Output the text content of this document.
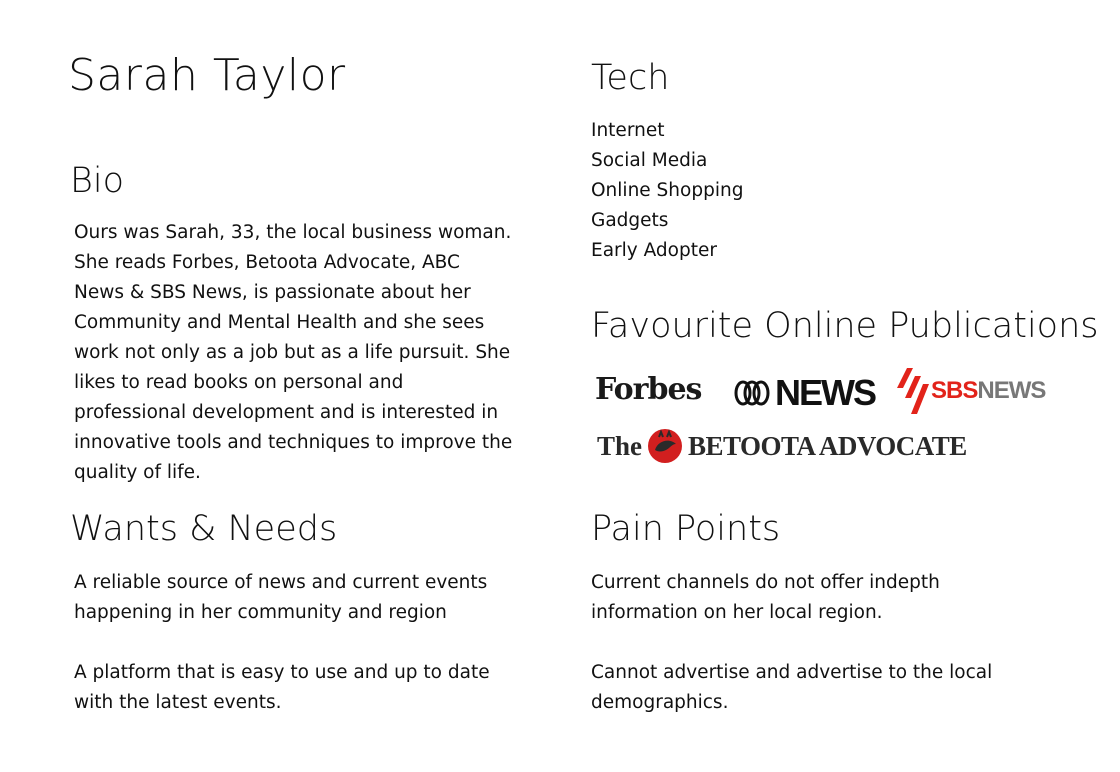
Sarah Taylor
Bio

Ours was Sarah, 33, the local business woman. She reads Forbes, Betoota Advocate, ABC News & SBS News, is passionate about her Community and Mental Health and she sees work not only as a job but as a life pursuit. She likes to read books on personal and professional development and is interested in innovative tools and techniques to improve the quality of life.

Tech
Internet
Social Media
Online Shopping
Gadgets
Early Adopter
Favourite Online Publications
Forbes NEWS SBS NEWS
The BETOOTA ADVOCATE
Wants & Needs

A reliable source of news and current events happening in her community and region

A platform that is easy to use and up to date with the latest events.

Pain Points

Current channels do not offer indepth information on her local region.

Cannot advertise and advertise to the local demographics.
